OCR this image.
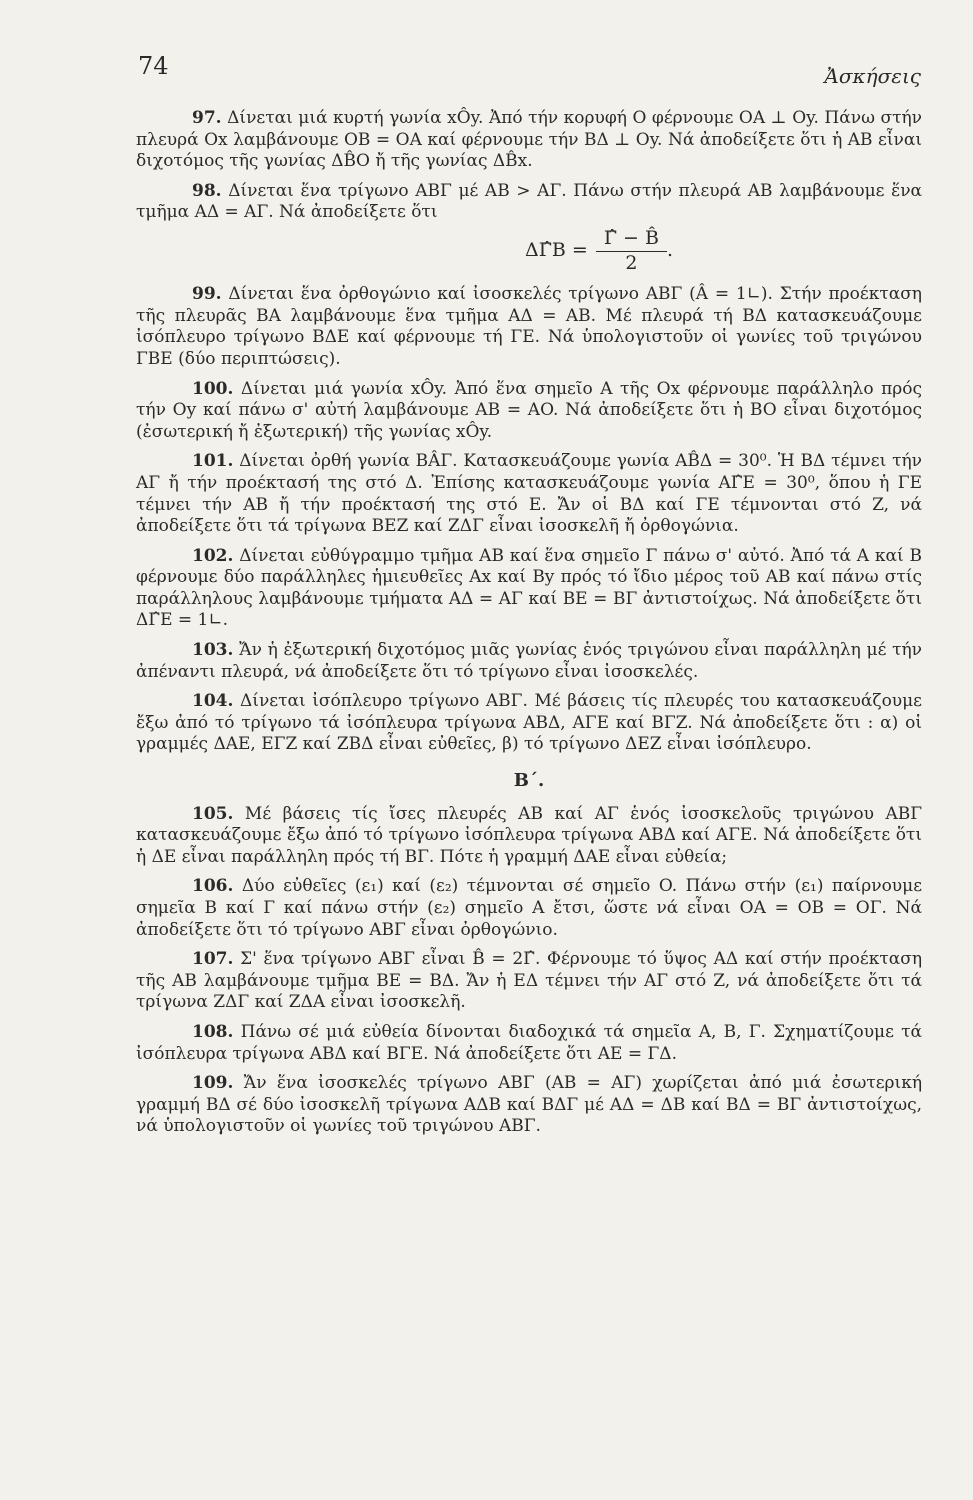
74	Ἀσκήσεις

97. Δίνεται μιά κυρτή γωνία xÔy. Ἀπό τήν κορυφή O φέρνουμε OA ⊥ Oy. Πάνω στήν πλευρά Ox λαμβάνουμε OB = OA καί φέρνουμε τήν BΔ ⊥ Oy. Νά ἀποδείξετε ὅτι ἡ AB εἶναι διχοτόμος τῆς γωνίας ΔB̂O ἤ τῆς γωνίας ΔB̂x.

98. Δίνεται ἕνα τρίγωνο ABΓ μέ AB > AΓ. Πάνω στήν πλευρά AB λαμβάνουμε ἕνα τμῆμα AΔ = AΓ. Νά ἀποδείξετε ὅτι

ΔΓ̂B = $\frac{\Gammâ - B̂}{2}$ .

99. Δίνεται ἕνα ὀρθογώνιο καί ἰσοσκελές τρίγωνο ABΓ (Â = 1∟). Στήν προέκταση τῆς πλευρᾶς BA λαμβάνουμε ἕνα τμῆμα AΔ = AB. Μέ πλευρά τή BΔ κατασκευάζουμε ἰσόπλευρο τρίγωνο BΔE καί φέρνουμε τή ΓE. Νά ὑπολογιστοῦν οἱ γωνίες τοῦ τριγώνου ΓBE (δύο περιπτώσεις).

100. Δίνεται μιά γωνία xÔy. Ἀπό ἕνα σημεῖο A τῆς Ox φέρνουμε παράλληλο πρός τήν Oy καί πάνω σ' αὐτή λαμβάνουμε AB = AO. Νά ἀποδείξετε ὅτι ἡ BO εἶναι διχοτόμος (ἐσωτερική ἤ ἐξωτερική) τῆς γωνίας xÔy.

101. Δίνεται ὀρθή γωνία BÂΓ. Κατασκευάζουμε γωνία AB̂Δ = 30⁰. Ἡ BΔ τέμνει τήν AΓ ἤ τήν προέκτασή της στό Δ. Ἐπίσης κατασκευάζουμε γωνία AΓ̂E = 30⁰, ὅπου ἡ ΓE τέμνει τήν AB ἤ τήν προέκτασή της στό E. Ἄν οἱ BΔ καί ΓE τέμνονται στό Z, νά ἀποδείξετε ὅτι τά τρίγωνα BEZ καί ZΔΓ εἶναι ἰσοσκελῆ ἤ ὀρθογώνια.

102. Δίνεται εὐθύγραμμο τμῆμα AB καί ἕνα σημεῖο Γ πάνω σ' αὐτό. Ἀπό τά A καί B φέρνουμε δύο παράλληλες ἡμιευθεῖες Ax καί By πρός τό ἴδιο μέρος τοῦ AB καί πάνω στίς παράλληλους λαμβάνουμε τμήματα AΔ = AΓ καί BE = BΓ ἀντιστοίχως. Νά ἀποδείξετε ὅτι ΔΓ̂E = 1∟.

103. Ἄν ἡ ἐξωτερική διχοτόμος μιᾶς γωνίας ἑνός τριγώνου εἶναι παράλληλη μέ τήν ἀπέναντι πλευρά, νά ἀποδείξετε ὅτι τό τρίγωνο εἶναι ἰσοσκελές.

104. Δίνεται ἰσόπλευρο τρίγωνο ABΓ. Μέ βάσεις τίς πλευρές του κατασκευάζουμε ἔξω ἀπό τό τρίγωνο τά ἰσόπλευρα τρίγωνα ABΔ, AΓE καί BΓZ. Νά ἀποδείξετε ὅτι : α) οἱ γραμμές ΔAE, EΓZ καί ZBΔ εἶναι εὐθεῖες, β) τό τρίγωνο ΔEZ εἶναι ἰσόπλευρο.

B΄.

105. Μέ βάσεις τίς ἴσες πλευρές AB καί AΓ ἑνός ἰσοσκελοῦς τριγώνου ABΓ κατασκευάζουμε ἔξω ἀπό τό τρίγωνο ἰσόπλευρα τρίγωνα ABΔ καί AΓE. Νά ἀποδείξετε ὅτι ἡ ΔE εἶναι παράλληλη πρός τή BΓ. Πότε ἡ γραμμή ΔAE εἶναι εὐθεία;

106. Δύο εὐθεῖες (ε₁) καί (ε₂) τέμνονται σέ σημεῖο O. Πάνω στήν (ε₁) παίρνουμε σημεῖα B καί Γ καί πάνω στήν (ε₂) σημεῖο A ἔτσι, ὥστε νά εἶναι OA = OB = OΓ. Νά ἀποδείξετε ὅτι τό τρίγωνο ABΓ εἶναι ὀρθογώνιο.

107. Σ' ἕνα τρίγωνο ABΓ εἶναι B̂ = 2Γ̂. Φέρνουμε τό ὕψος AΔ καί στήν προέκταση τῆς AB λαμβάνουμε τμῆμα BE = BΔ. Ἄν ἡ EΔ τέμνει τήν AΓ στό Z, νά ἀποδείξετε ὅτι τά τρίγωνα ZΔΓ καί ZΔA εἶναι ἰσοσκελῆ.

108. Πάνω σέ μιά εὐθεία δίνονται διαδοχικά τά σημεῖα A, B, Γ. Σχηματίζουμε τά ἰσόπλευρα τρίγωνα ABΔ καί BΓE. Νά ἀποδείξετε ὅτι AE = ΓΔ.

109. Ἄν ἕνα ἰσοσκελές τρίγωνο ABΓ (AB = AΓ) χωρίζεται ἀπό μιά ἐσωτερική γραμμή BΔ σέ δύο ἰσοσκελῆ τρίγωνα AΔB καί BΔΓ μέ AΔ = ΔB καί BΔ = BΓ ἀντιστοίχως, νά ὑπολογιστοῦν οἱ γωνίες τοῦ τριγώνου ABΓ.
